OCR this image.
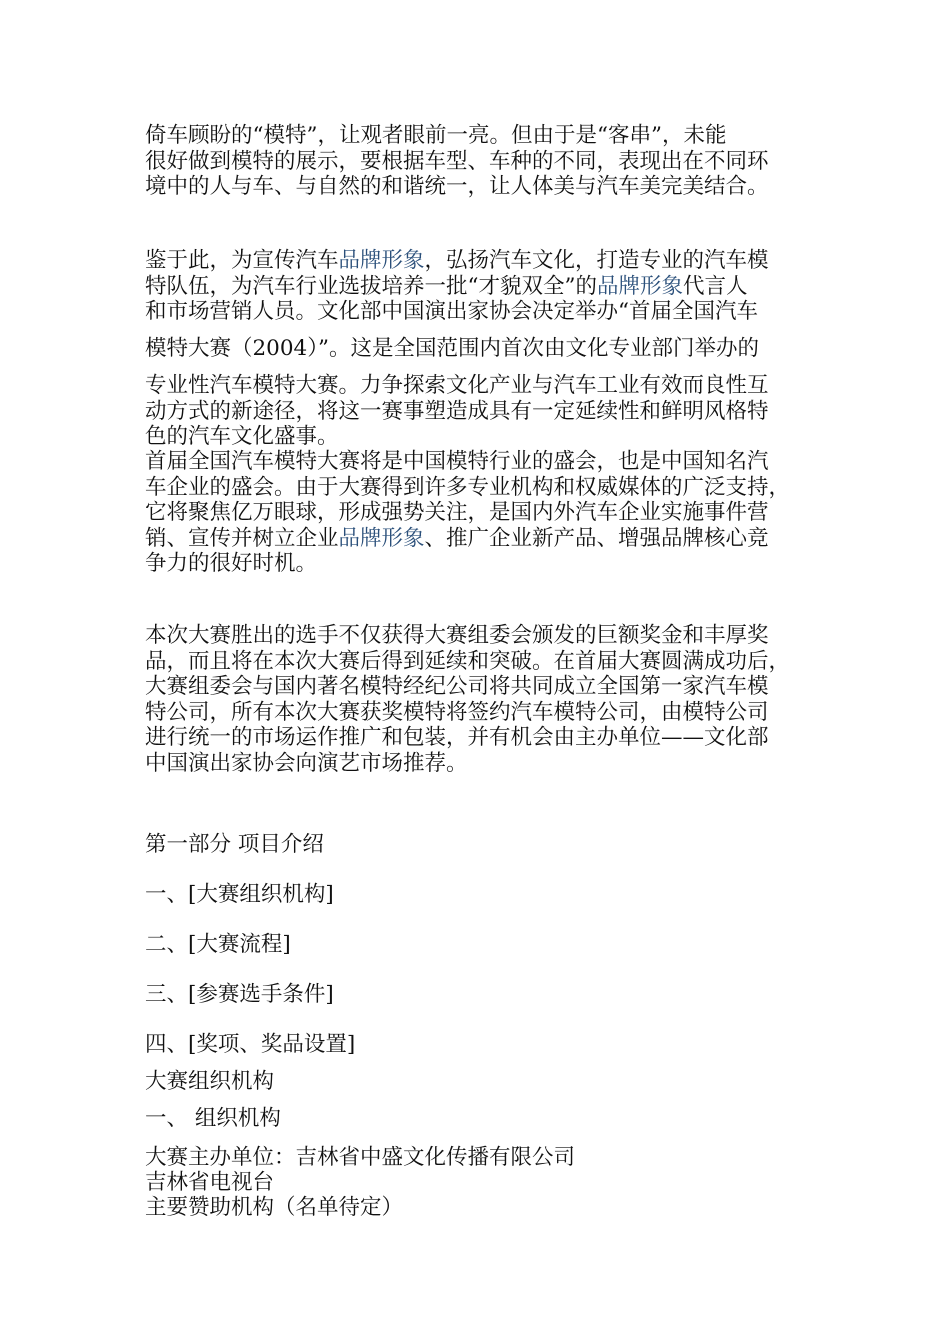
倚车顾盼的“模特”，让观者眼前一亮。但由于是“客串”，未能
很好做到模特的展示，要根据车型、车种的不同，表现出在不同环
境中的人与车、与自然的和谐统一，让人体美与汽车美完美结合。
鉴于此，为宣传汽车品牌形象，弘扬汽车文化，打造专业的汽车模
特队伍，为汽车行业选拔培养一批“才貌双全”的品牌形象代言人
和市场营销人员。文化部中国演出家协会决定举办“首届全国汽车
模特大赛（2004）”。这是全国范围内首次由文化专业部门举办的
专业性汽车模特大赛。力争探索文化产业与汽车工业有效而良性互
动方式的新途径，将这一赛事塑造成具有一定延续性和鲜明风格特
色的汽车文化盛事。
首届全国汽车模特大赛将是中国模特行业的盛会，也是中国知名汽
车企业的盛会。由于大赛得到许多专业机构和权威媒体的广泛支持，
它将聚焦亿万眼球，形成强势关注，是国内外汽车企业实施事件营
销、宣传并树立企业品牌形象、推广企业新产品、增强品牌核心竞
争力的很好时机。
本次大赛胜出的选手不仅获得大赛组委会颁发的巨额奖金和丰厚奖
品，而且将在本次大赛后得到延续和突破。在首届大赛圆满成功后，
大赛组委会与国内著名模特经纪公司将共同成立全国第一家汽车模
特公司，所有本次大赛获奖模特将签约汽车模特公司，由模特公司
进行统一的市场运作推广和包装，并有机会由主办单位——文化部
中国演出家协会向演艺市场推荐。

第一部分 项目介绍

一、[大赛组织机构]

二、[大赛流程]

三、[参赛选手条件]

四、[奖项、奖品设置]

大赛组织机构

一、 组织机构

大赛主办单位：吉林省中盛文化传播有限公司

吉林省电视台

主要赞助机构（名单待定）
